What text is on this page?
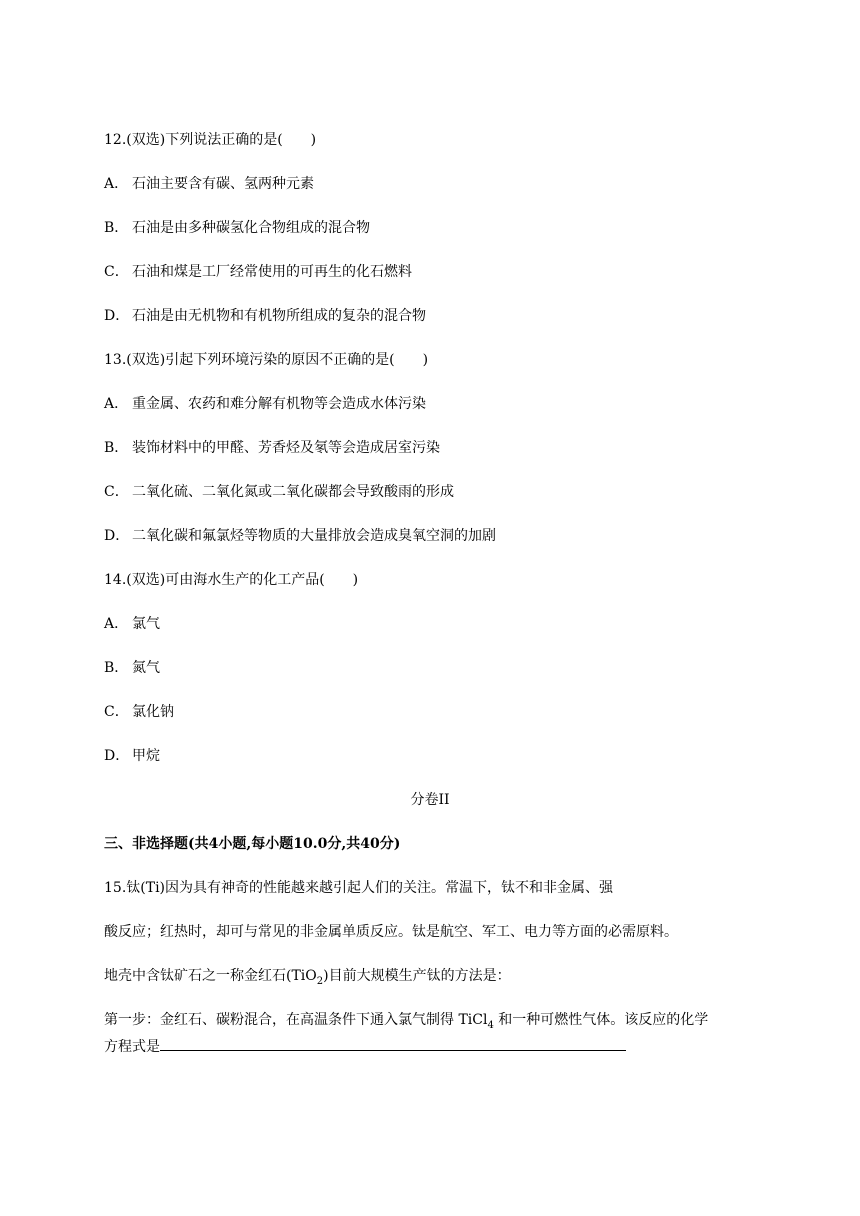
12.(双选)下列说法正确的是(　　)
A． 石油主要含有碳、氢两种元素
B． 石油是由多种碳氢化合物组成的混合物
C． 石油和煤是工厂经常使用的可再生的化石燃料
D． 石油是由无机物和有机物所组成的复杂的混合物
13.(双选)引起下列环境污染的原因不正确的是(　　)
A． 重金属、农药和难分解有机物等会造成水体污染
B． 装饰材料中的甲醛、芳香烃及氡等会造成居室污染
C． 二氧化硫、二氧化氮或二氧化碳都会导致酸雨的形成
D． 二氧化碳和氟氯烃等物质的大量排放会造成臭氧空洞的加剧
14.(双选)可由海水生产的化工产品(　　)
A． 氯气
B． 氮气
C． 氯化钠
D． 甲烷
分卷II
三、非选择题(共4小题,每小题10.0分,共40分)
15.钛(Ti)因为具有神奇的性能越来越引起人们的关注。常温下，钛不和非金属、强
酸反应；红热时，却可与常见的非金属单质反应。钛是航空、军工、电力等方面的必需原料。
地壳中含钛矿石之一称金红石(TiO$_2$)目前大规模生产钛的方法是：
第一步：金红石、碳粉混合，在高温条件下通入氯气制得 TiCl$_4$ 和一种可燃性气体。该反应的化学
方程式是
